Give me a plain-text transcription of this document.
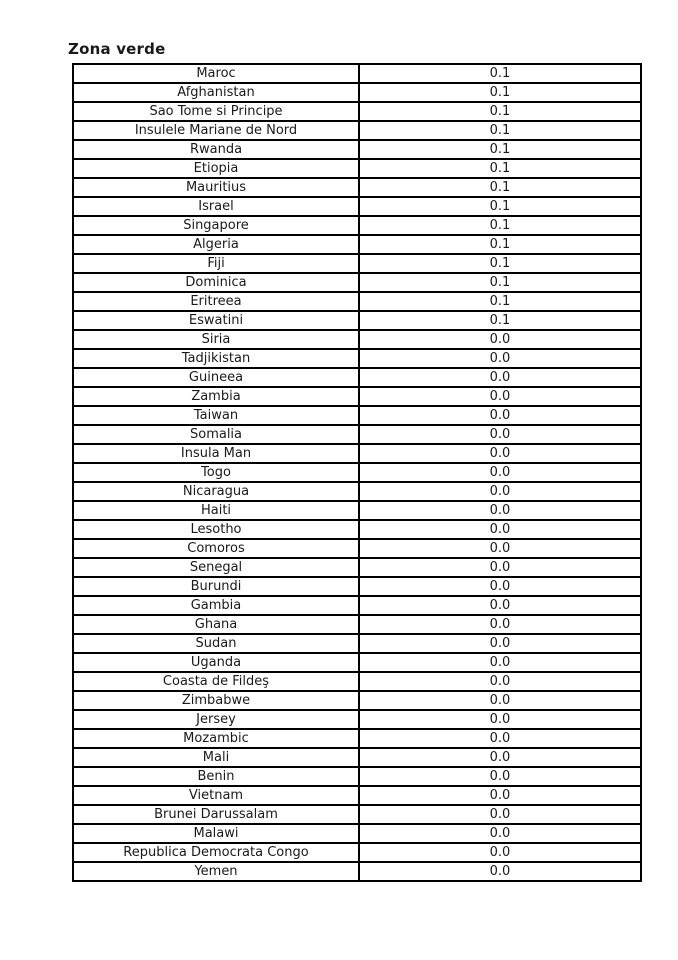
Zona verde
Maroc	0.1
Afghanistan	0.1
Sao Tome si Principe	0.1
Insulele Mariane de Nord	0.1
Rwanda	0.1
Etiopia	0.1
Mauritius	0.1
Israel	0.1
Singapore	0.1
Algeria	0.1
Fiji	0.1
Dominica	0.1
Eritreea	0.1
Eswatini	0.1
Siria	0.0
Tadjikistan	0.0
Guineea	0.0
Zambia	0.0
Taiwan	0.0
Somalia	0.0
Insula Man	0.0
Togo	0.0
Nicaragua	0.0
Haiti	0.0
Lesotho	0.0
Comoros	0.0
Senegal	0.0
Burundi	0.0
Gambia	0.0
Ghana	0.0
Sudan	0.0
Uganda	0.0
Coasta de Fildeş	0.0
Zimbabwe	0.0
Jersey	0.0
Mozambic	0.0
Mali	0.0
Benin	0.0
Vietnam	0.0
Brunei Darussalam	0.0
Malawi	0.0
Republica Democrata Congo	0.0
Yemen	0.0
